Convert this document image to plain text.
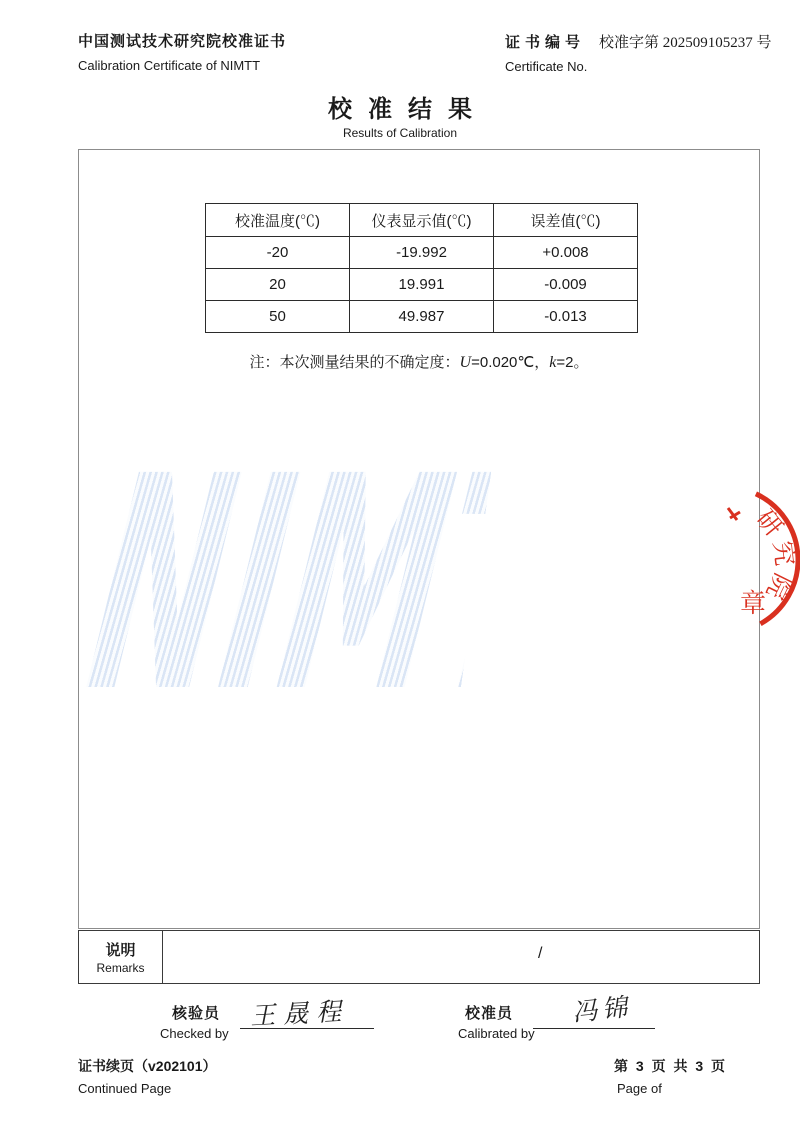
中国测试技术研究院校准证书
Calibration Certificate of NIMTT
证书编号 校准字第 202509105237 号
Certificate No.
校准结果
Results of Calibration
NIMTT
校准温度(℃)	仪表显示值(℃)	误差值(℃)
-20	-19.992	+0.008
20	19.991	-0.009
50	49.987	-0.013
注：本次测量结果的不确定度：U=0.020℃，k=2。
研究院
章
说明
Remarks
/
核验员
Checked by
王晟程	校准员
Calibrated by
冯锦
证书续页（v202101）
Continued Page
第 3 页 共 3 页
Page of
